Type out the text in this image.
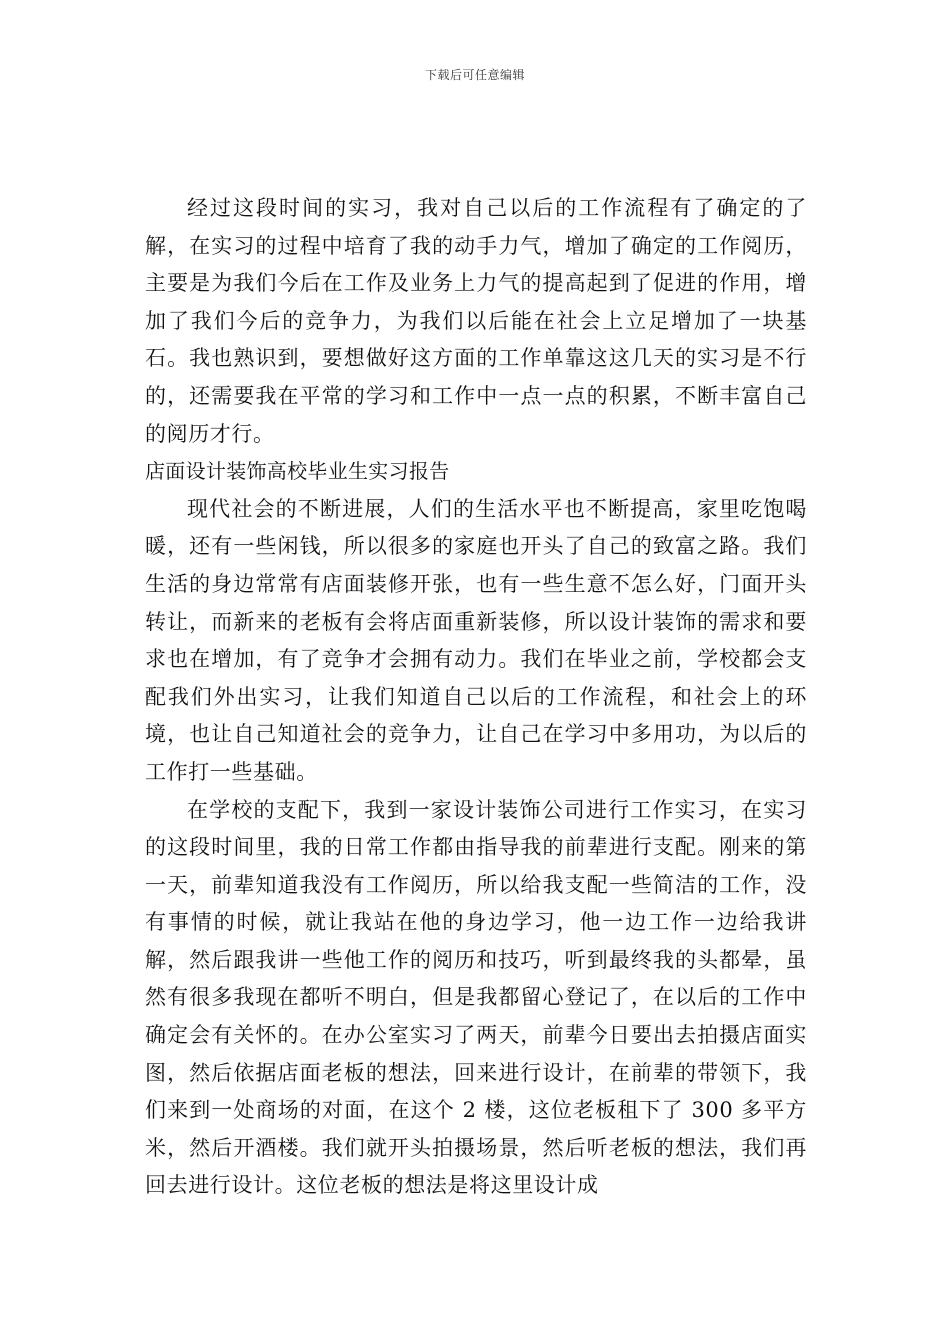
下载后可任意编辑

经过这段时间的实习，我对自己以后的工作流程有了确定的了解，在实习的过程中培育了我的动手力气，增加了确定的工作阅历，主要是为我们今后在工作及业务上力气的提高起到了促进的作用，增加了我们今后的竞争力，为我们以后能在社会上立足增加了一块基石。我也熟识到，要想做好这方面的工作单靠这这几天的实习是不行的，还需要我在平常的学习和工作中一点一点的积累，不断丰富自己的阅历才行。

店面设计装饰高校毕业生实习报告

现代社会的不断进展，人们的生活水平也不断提高，家里吃饱喝暖，还有一些闲钱，所以很多的家庭也开头了自己的致富之路。我们生活的身边常常有店面装修开张，也有一些生意不怎么好，门面开头转让，而新来的老板有会将店面重新装修，所以设计装饰的需求和要求也在增加，有了竞争才会拥有动力。我们在毕业之前，学校都会支配我们外出实习，让我们知道自己以后的工作流程，和社会上的环境，也让自己知道社会的竞争力，让自己在学习中多用功，为以后的工作打一些基础。

在学校的支配下，我到一家设计装饰公司进行工作实习，在实习的这段时间里，我的日常工作都由指导我的前辈进行支配。刚来的第一天，前辈知道我没有工作阅历，所以给我支配一些简洁的工作，没有事情的时候，就让我站在他的身边学习，他一边工作一边给我讲解，然后跟我讲一些他工作的阅历和技巧，听到最终我的头都晕，虽然有很多我现在都听不明白，但是我都留心登记了，在以后的工作中确定会有关怀的。在办公室实习了两天，前辈今日要出去拍摄店面实图，然后依据店面老板的想法，回来进行设计，在前辈的带领下，我们来到一处商场的对面，在这个 2 楼，这位老板租下了 300 多平方米，然后开酒楼。我们就开头拍摄场景，然后听老板的想法，我们再回去进行设计。这位老板的想法是将这里设计成
